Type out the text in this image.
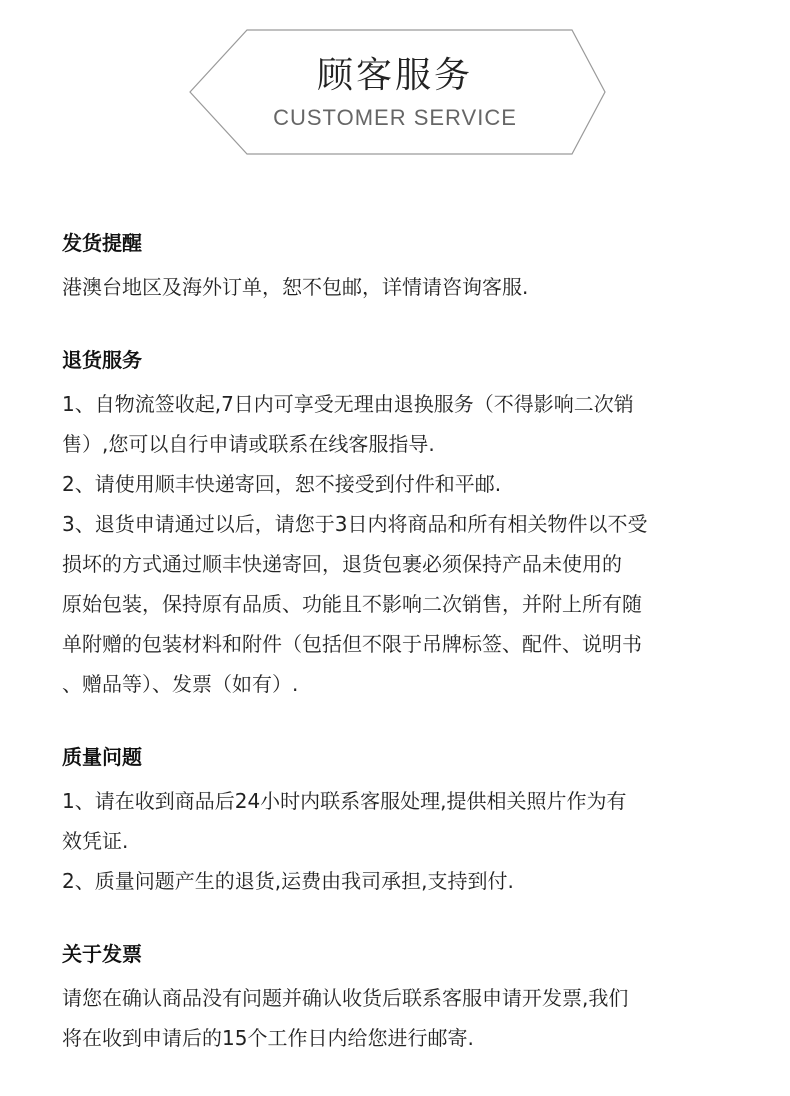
顾客服务
CUSTOMER SERVICE
发货提醒
港澳台地区及海外订单，恕不包邮，详情请咨询客服.
退货服务
1、自物流签收起,7日内可享受无理由退换服务（不得影响二次销
售）,您可以自行申请或联系在线客服指导.
2、请使用顺丰快递寄回，恕不接受到付件和平邮.
3、退货申请通过以后，请您于3日内将商品和所有相关物件以不受
损坏的方式通过顺丰快递寄回，退货包裹必须保持产品未使用的
原始包装，保持原有品质、功能且不影响二次销售，并附上所有随
单附赠的包装材料和附件（包括但不限于吊牌标签、配件、说明书
、赠品等）、发票（如有）.
质量问题
1、请在收到商品后24小时内联系客服处理,提供相关照片作为有
效凭证.
2、质量问题产生的退货,运费由我司承担,支持到付.
关于发票
请您在确认商品没有问题并确认收货后联系客服申请开发票,我们
将在收到申请后的15个工作日内给您进行邮寄.
